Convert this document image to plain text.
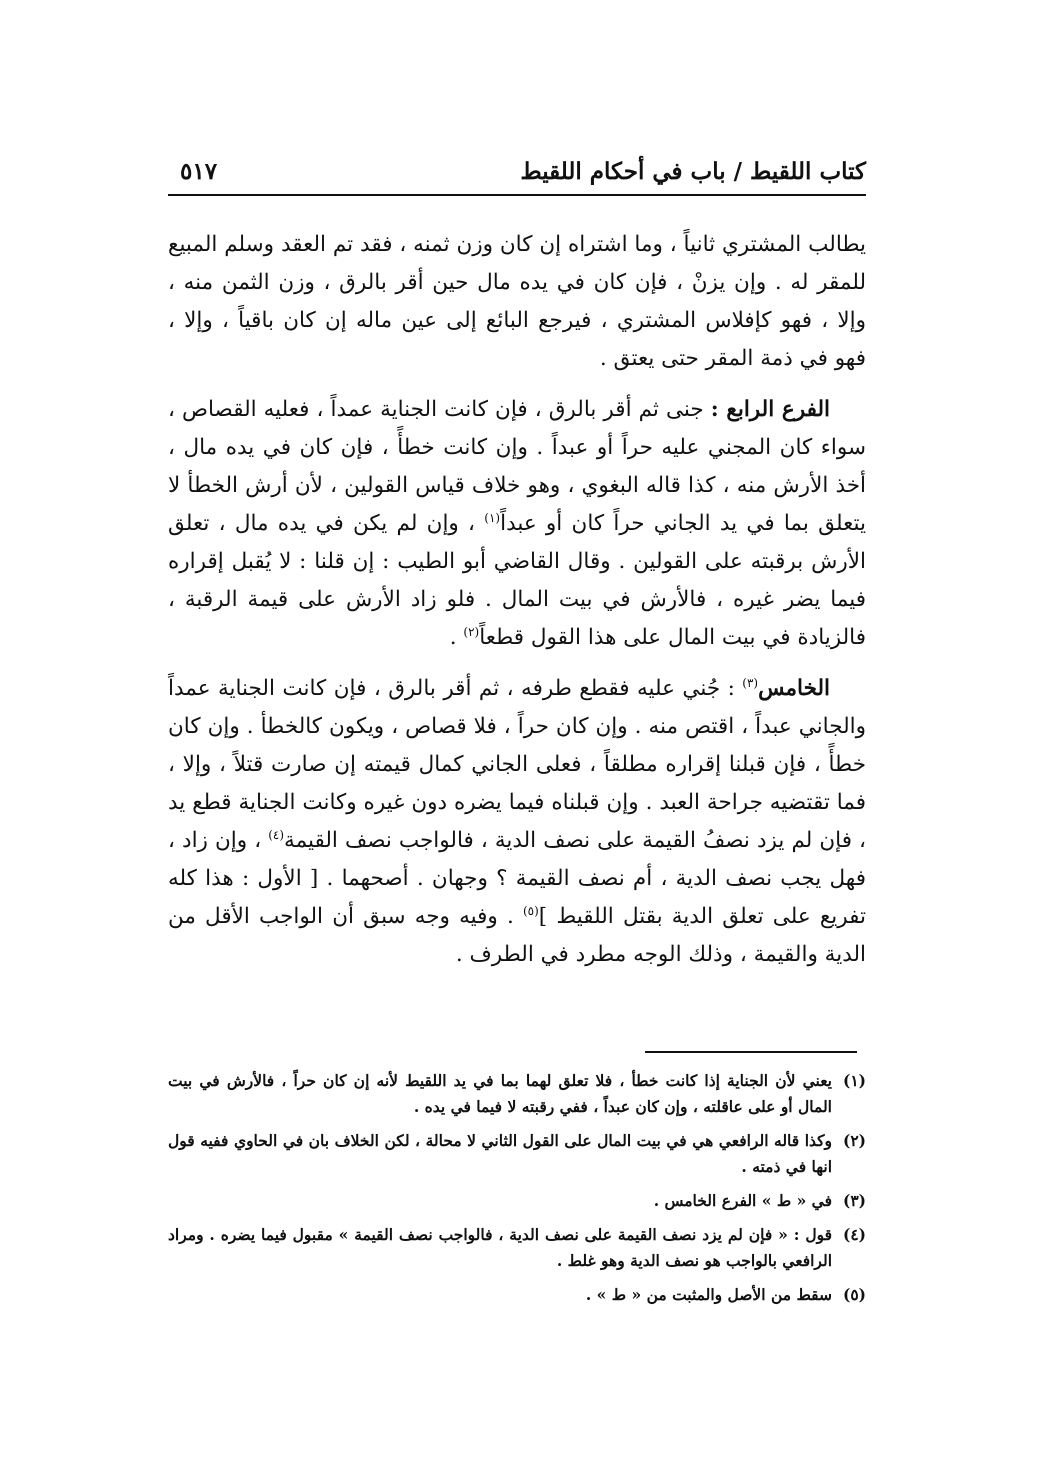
كتاب اللقيط / باب في أحكام اللقيط
٥١٧

يطالب المشتري ثانياً ، وما اشتراه إن كان وزن ثمنه ، فقد تم العقد وسلم المبيع للمقر له . وإن يزنْ ، فإن كان في يده مال حين أقر بالرق ، وزن الثمن منه ، وإلا ، فهو كإفلاس المشتري ، فيرجع البائع إلى عين ماله إن كان باقياً ، وإلا ، فهو في ذمة المقر حتى يعتق .

الفرع الرابع : جنى ثم أقر بالرق ، فإن كانت الجناية عمداً ، فعليه القصاص ، سواء كان المجني عليه حراً أو عبداً . وإن كانت خطأً ، فإن كان في يده مال ، أخذ الأرش منه ، كذا قاله البغوي ، وهو خلاف قياس القولين ، لأن أرش الخطأ لا يتعلق بما في يد الجاني حراً كان أو عبداً$^{(١)}$ ، وإن لم يكن في يده مال ، تعلق الأرش برقبته على القولين . وقال القاضي أبو الطيب : إن قلنا : لا يُقبل إقراره فيما يضر غيره ، فالأرش في بيت المال . فلو زاد الأرش على قيمة الرقبة ، فالزيادة في بيت المال على هذا القول قطعاً$^{(٢)}$ .

الخامس$^{(٣)}$ : جُني عليه فقطع طرفه ، ثم أقر بالرق ، فإن كانت الجناية عمداً والجاني عبداً ، اقتص منه . وإن كان حراً ، فلا قصاص ، ويكون كالخطأ . وإن كان خطأً ، فإن قبلنا إقراره مطلقاً ، فعلى الجاني كمال قيمته إن صارت قتلاً ، وإلا ، فما تقتضيه جراحة العبد . وإن قبلناه فيما يضره دون غيره وكانت الجناية قطع يد ، فإن لم يزد نصفُ القيمة على نصف الدية ، فالواجب نصف القيمة$^{(٤)}$ ، وإن زاد ، فهل يجب نصف الدية ، أم نصف القيمة ؟ وجهان . أصحهما . [ الأول : هذا كله تفريع على تعلق الدية بقتل اللقيط ]$^{(٥)}$ . وفيه وجه سبق أن الواجب الأقل من الدية والقيمة ، وذلك الوجه مطرد في الطرف .

(١)
يعني لأن الجناية إذا كانت خطأ ، فلا تعلق لهما بما في يد اللقيط لأنه إن كان حراً ، فالأرش في بيت المال أو على عاقلته ، وإن كان عبداً ، ففي رقبته لا فيما في يده .
(٢)
وكذا قاله الرافعي هي في بيت المال على القول الثاني لا محالة ، لكن الخلاف بان في الحاوي ففيه قول انها في ذمته .
(٣)
في « ط » الفرع الخامس .
(٤)
قول : « فإن لم يزد نصف القيمة على نصف الدية ، فالواجب نصف القيمة » مقبول فيما يضره . ومراد الرافعي بالواجب هو نصف الدية وهو غلط .
(٥)
سقط من الأصل والمثبت من « ط » .
